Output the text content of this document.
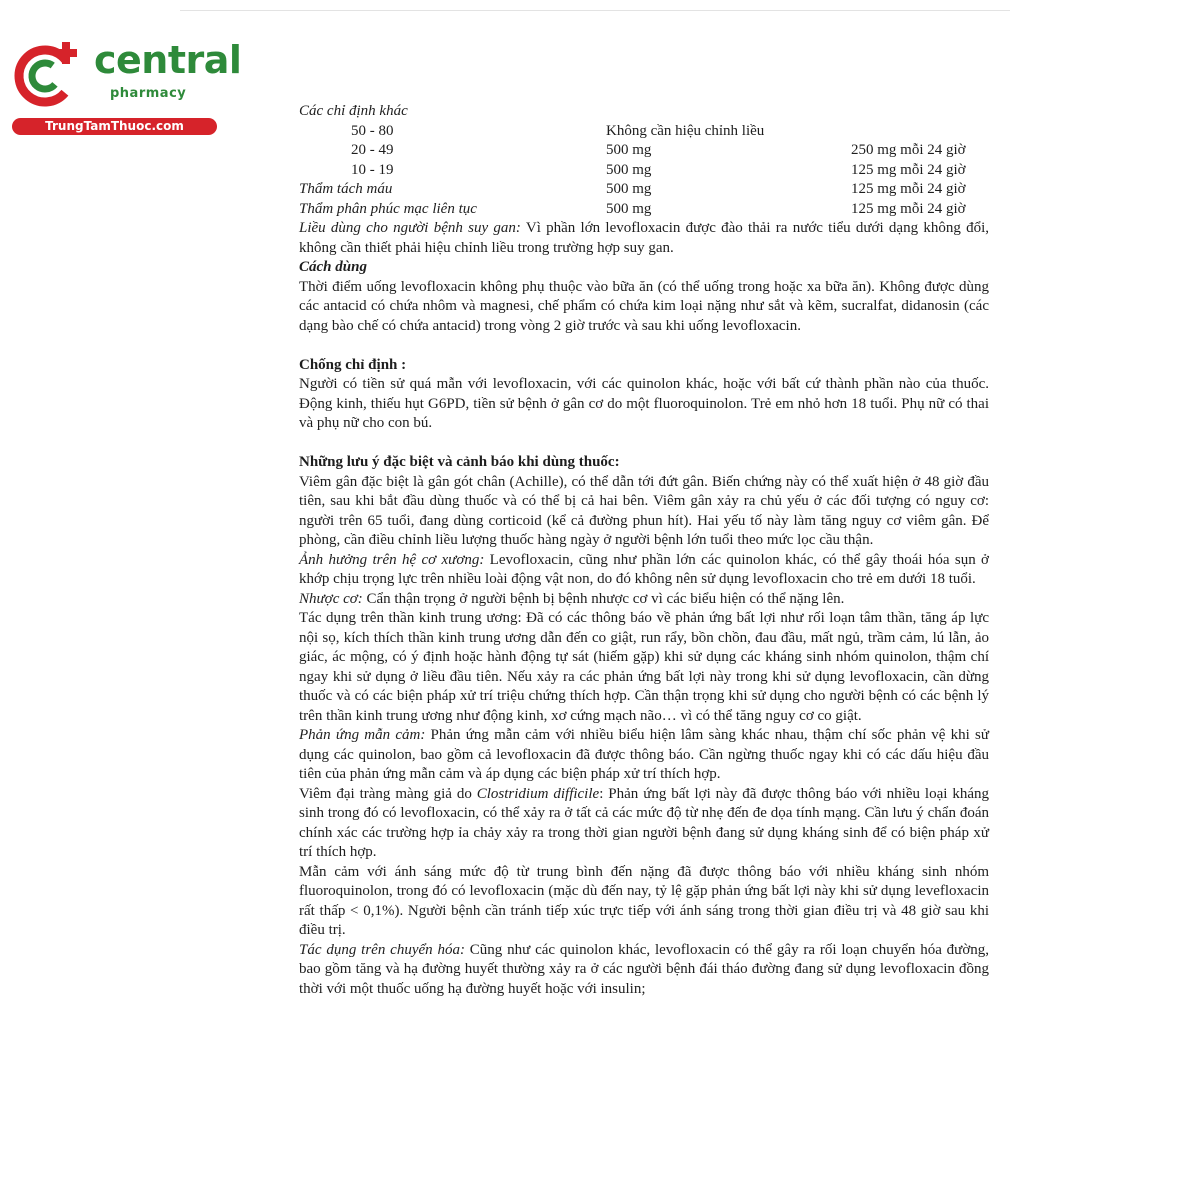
central
pharmacy
TrungTamThuoc.com

Các chỉ định khác

50 - 80	Không cần hiệu chỉnh liều
20 - 49	500 mg	250 mg mỗi 24 giờ
10 - 19	500 mg	125 mg mỗi 24 giờ
Thẩm tách máu	500 mg	125 mg mỗi 24 giờ
Thẩm phân phúc mạc liên tục	500 mg	125 mg mỗi 24 giờ

Liều dùng cho người bệnh suy gan: Vì phần lớn levofloxacin được đào thải ra nước tiểu dưới dạng không đổi, không cần thiết phải hiệu chỉnh liều trong trường hợp suy gan.

Cách dùng

Thời điểm uống levofloxacin không phụ thuộc vào bữa ăn (có thể uống trong hoặc xa bữa ăn). Không được dùng các antacid có chứa nhôm và magnesi, chế phẩm có chứa kim loại nặng như sắt và kẽm, sucralfat, didanosin (các dạng bào chế có chứa antacid) trong vòng 2 giờ trước và sau khi uống levofloxacin.

Chống chỉ định :

Người có tiền sử quá mẫn với levofloxacin, với các quinolon khác, hoặc với bất cứ thành phần nào của thuốc. Động kinh, thiếu hụt G6PD, tiền sử bệnh ở gân cơ do một fluoroquinolon. Trẻ em nhỏ hơn 18 tuổi. Phụ nữ có thai và phụ nữ cho con bú.

Những lưu ý đặc biệt và cảnh báo khi dùng thuốc:

Viêm gân đặc biệt là gân gót chân (Achille), có thể dẫn tới đứt gân. Biến chứng này có thể xuất hiện ở 48 giờ đầu tiên, sau khi bắt đầu dùng thuốc và có thể bị cả hai bên. Viêm gân xảy ra chủ yếu ở các đối tượng có nguy cơ: người trên 65 tuổi, đang dùng corticoid (kể cả đường phun hít). Hai yếu tố này làm tăng nguy cơ viêm gân. Để phòng, cần điều chỉnh liều lượng thuốc hàng ngày ở người bệnh lớn tuổi theo mức lọc cầu thận.

Ảnh hưởng trên hệ cơ xương: Levofloxacin, cũng như phần lớn các quinolon khác, có thể gây thoái hóa sụn ở khớp chịu trọng lực trên nhiều loài động vật non, do đó không nên sử dụng levofloxacin cho trẻ em dưới 18 tuổi.

Nhược cơ: Cẩn thận trọng ở người bệnh bị bệnh nhược cơ vì các biểu hiện có thể nặng lên.

Tác dụng trên thần kinh trung ương: Đã có các thông báo về phản ứng bất lợi như rối loạn tâm thần, tăng áp lực nội sọ, kích thích thần kinh trung ương dẫn đến co giật, run rẩy, bồn chồn, đau đầu, mất ngủ, trầm cảm, lú lẫn, ảo giác, ác mộng, có ý định hoặc hành động tự sát (hiếm gặp) khi sử dụng các kháng sinh nhóm quinolon, thậm chí ngay khi sử dụng ở liều đầu tiên. Nếu xảy ra các phản ứng bất lợi này trong khi sử dụng levofloxacin, cần dừng thuốc và có các biện pháp xử trí triệu chứng thích hợp. Cần thận trọng khi sử dụng cho người bệnh có các bệnh lý trên thần kinh trung ương như động kinh, xơ cứng mạch não… vì có thể tăng nguy cơ co giật.

Phản ứng mẫn cảm: Phản ứng mẫn cảm với nhiều biểu hiện lâm sàng khác nhau, thậm chí sốc phản vệ khi sử dụng các quinolon, bao gồm cả levofloxacin đã được thông báo. Cần ngừng thuốc ngay khi có các dấu hiệu đầu tiên của phản ứng mẫn cảm và áp dụng các biện pháp xử trí thích hợp.

Viêm đại tràng màng giả do Clostridium difficile: Phản ứng bất lợi này đã được thông báo với nhiều loại kháng sinh trong đó có levofloxacin, có thể xảy ra ở tất cả các mức độ từ nhẹ đến đe dọa tính mạng. Cần lưu ý chẩn đoán chính xác các trường hợp ỉa chảy xảy ra trong thời gian người bệnh đang sử dụng kháng sinh để có biện pháp xử trí thích hợp.

Mẫn cảm với ánh sáng mức độ từ trung bình đến nặng đã được thông báo với nhiều kháng sinh nhóm fluoroquinolon, trong đó có levofloxacin (mặc dù đến nay, tỷ lệ gặp phản ứng bất lợi này khi sử dụng levefloxacin rất thấp < 0,1%). Người bệnh cần tránh tiếp xúc trực tiếp với ánh sáng trong thời gian điều trị và 48 giờ sau khi điều trị.

Tác dụng trên chuyển hóa: Cũng như các quinolon khác, levofloxacin có thể gây ra rối loạn chuyển hóa đường, bao gồm tăng và hạ đường huyết thường xảy ra ở các người bệnh đái tháo đường đang sử dụng levofloxacin đồng thời với một thuốc uống hạ đường huyết hoặc với insulin;
